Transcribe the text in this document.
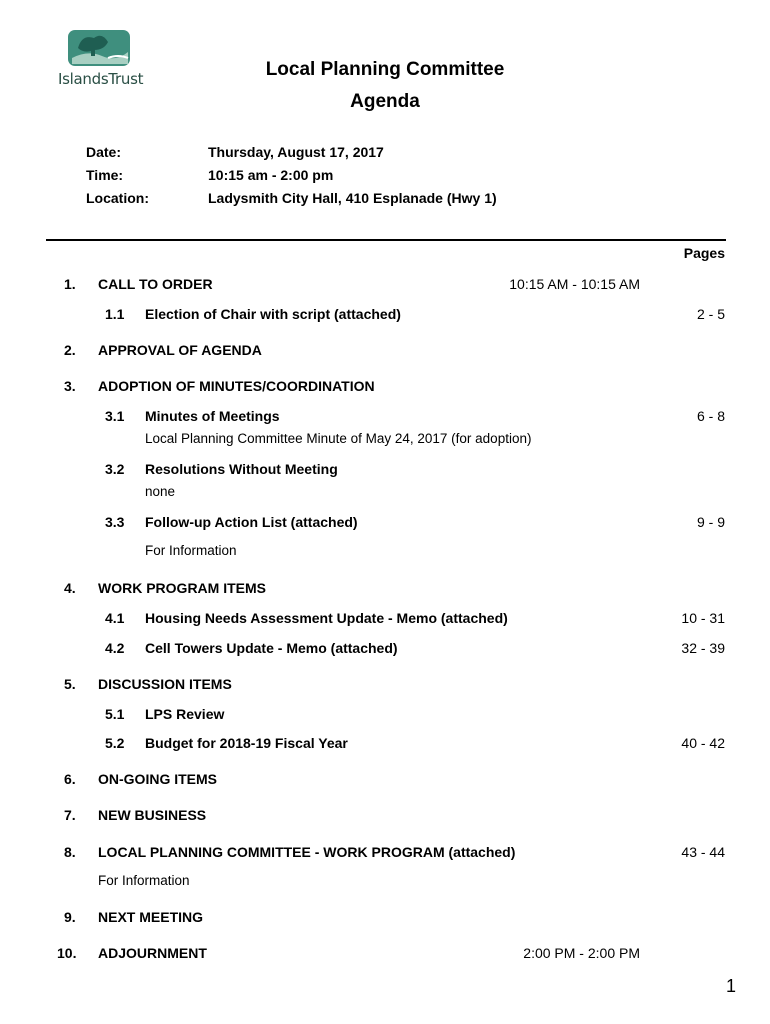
IslandsTrust	Local Planning Committee
Agenda
Date:	Thursday, August 17, 2017
Time:	10:15 am - 2:00 pm
Location:	Ladysmith City Hall, 410 Esplanade (Hwy 1)
Pages
1. CALL TO ORDER	10:15 AM - 10:15 AM
1.1 Election of Chair with script (attached)	2 - 5
2. APPROVAL OF AGENDA
3. ADOPTION OF MINUTES/COORDINATION
3.1 Minutes of Meetings	6 - 8
Local Planning Committee Minute of May 24, 2017 (for adoption)
3.2 Resolutions Without Meeting
none
3.3 Follow-up Action List (attached)	9 - 9
For Information
4. WORK PROGRAM ITEMS
4.1 Housing Needs Assessment Update - Memo (attached)	10 - 31
4.2 Cell Towers Update - Memo (attached)	32 - 39
5. DISCUSSION ITEMS
5.1 LPS Review
5.2 Budget for 2018-19 Fiscal Year	40 - 42
6. ON-GOING ITEMS
7. NEW BUSINESS
8. LOCAL PLANNING COMMITTEE - WORK PROGRAM (attached)	43 - 44
For Information
9. NEXT MEETING
10. ADJOURNMENT	2:00 PM - 2:00 PM
1
